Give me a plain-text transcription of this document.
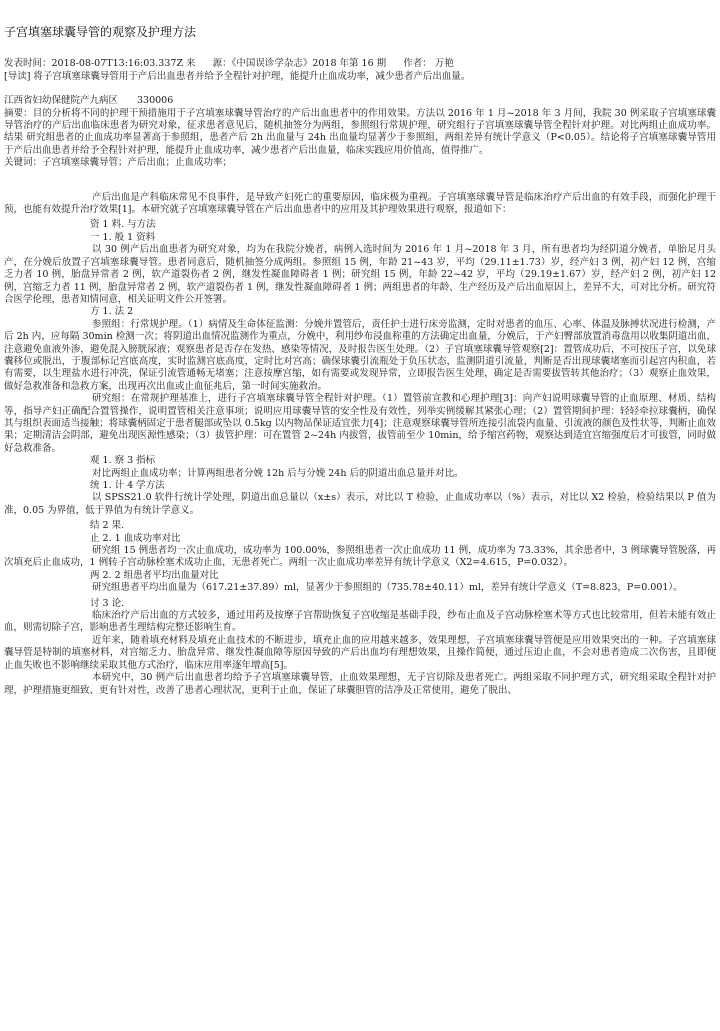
子宫填塞球囊导管的观察及护理方法

发表时间：2018-08-07T13:16:03.337Z 来 源：《中国误诊学杂志》2018 年第 16 期 作者： 万艳

[导读] 将子宫填塞球囊导管用于产后出血患者并给予全程针对护理，能提升止血成功率，减少患者产后出血量。

江西省妇幼保健院产九病区　　330006

摘要：目的分析将不同的护理干预措施用于子宫填塞球囊导管治疗的产后出血患者中的作用效果。方法以 2016 年 1 月~2018 年 3 月间，我院 30 例采取子宫填塞球囊导管治疗的产后出血临床患者为研究对象，征求患者意见后，随机抽签分为两组，参照组行常规护理，研究组行子宫填塞球囊导管全程针对护理。对比两组止血成功率。结果 研究组患者的止血成功率显著高于参照组，患者产后 2h 出血量与 24h 出血量均显著少于参照组，两组差异有统计学意义（P<0.05）。结论将子宫填塞球囊导管用于产后出血患者并给予全程针对护理，能提升止血成功率，减少患者产后出血量，临床实践应用价值高，值得推广。

关键词：子宫填塞球囊导管；产后出血；止血成功率；

产后出血是产科临床常见不良事件，是导致产妇死亡的重要原因，临床极为重视。子宫填塞球囊导管是临床治疗产后出血的有效手段，而强化护理干预，也能有效提升治疗效果[1]。本研究就子宫填塞球囊导管在产后出血患者中的应用及其护理效果进行观察，报道如下：

资 1 料. 与方法

一 1. 般 1 资料

以 30 例产后出血患者为研究对象，均为在我院分娩者，病例入选时间为 2016 年 1 月~2018 年 3 月，所有患者均为经阴道分娩者，单胎足月头产，在分娩后放置子宫填塞球囊导管。患者同意后，随机抽签分成两组。参照组 15 例，年龄 21~43 岁，平均（29.11±1.73）岁，经产妇 3 例，初产妇 12 例，宫缩乏力者 10 例，胎盘异常者 2 例，软产道裂伤者 2 例，继发性凝血障碍者 1 例；研究组 15 例，年龄 22~42 岁，平均（29.19±1.67）岁，经产妇 2 例，初产妇 12 例，宫缩乏力者 11 例，胎盘异常者 2 例，软产道裂伤者 1 例，继发性凝血障碍者 1 例；两组患者的年龄、生产经历及产后出血原因上，差异不大，可对比分析。研究符合医学伦理，患者知情同意，相关证明文件公开签署。

方 1. 法 2

参照组：行常规护理。（1）病情及生命体征监测：分娩并置管后，责任护士进行床旁监测，定时对患者的血压、心率、体温及脉搏状况进行检测，产后 2h 内，应每隔 30min 检测一次；将阴道出血情况监测作为重点，分娩中，利用纱布浸血称重的方法确定出血量，分娩后，于产妇臀部放置消毒盘用以收集阴道出血，注意避免血液外渗，避免混入膀胱尿液；观察患者是否存在发热、感染等情况，及时报告医生处理。（2）子宫填塞球囊导管观察[2]：置管成功后，不可按压子宫，以免球囊移位或脱出，于腹部标记宫底高度，实时监测宫底高度，定时比对宫高；确保球囊引流瓶处于负压状态，监测阴道引流量，判断是否出现球囊堵塞而引起宫内积血，若有需要，以生理盐水进行冲洗，保证引流管通畅无堵塞；注意按摩宫缩，如有需要或发现异常，立即报告医生处理，确定是否需要拔管转其他治疗；（3）观察止血效果，做好急救准备和急救方案，出现再次出血或止血征兆后，第一时间实施救治。

研究组：在常规护理基准上，进行子宫填塞球囊导管全程针对护理。（1）置管前宣教和心理护理[3]：向产妇说明球囊导管的止血原理、材质、结构等，指导产妇正确配合置管操作，说明置管相关注意事项；说明应用球囊导管的安全性及有效性，列举实例缓解其紧张心理；（2）置管期间护理：轻轻牵拉球囊柄，确保其与组织表面适当接触；将球囊柄固定于患者腿部或坠以 0.5kg 以内物品保证适宜张力[4]；注意观察球囊导管所连接引流袋内血量、引流液的颜色及性状等，判断止血效果；定期清洁会阴部，避免出现医源性感染；（3）拔管护理：可在置管 2~24h 内拔管，拔管前至少 10min，给予缩宫药物，观察达到适宜宫缩强度后才可拔管，同时做好急救准备。

观 1. 察 3 指标

对比两组止血成功率；计算两组患者分娩 12h 后与分娩 24h 后的阴道出血总量并对比。

统 1. 计 4 学方法

以 SPSS21.0 软件行统计学处理，阴道出血总量以（x±s）表示，对比以 T 检验，止血成功率以（%）表示，对比以 X2 检验，检验结果以 P 值为准，0.05 为界值，低于界值为有统计学意义。

结 2 果.

止 2. 1 血成功率对比

研究组 15 例患者均一次止血成功，成功率为 100.00%，参照组患者一次止血成功 11 例，成功率为 73.33%，其余患者中，3 例球囊导管脱落，再次填充后止血成功，1 例转子宫动脉栓塞术成功止血，无患者死亡。两组一次止血成功率差异有统计学意义（X2=4.615，P=0.032）。

两 2. 2 组患者平均出血量对比

研究组患者平均出血量为（617.21±37.89）ml，显著少于参照组的（735.78±40.11）ml，差异有统计学意义（T=8.823，P=0.001）。

讨 3 论.

临床治疗产后出血的方式较多，通过用药及按摩子宫帮助恢复子宫收缩是基础手段，纱布止血及子宫动脉栓塞术等方式也比较常用，但若未能有效止血，则需切除子宫，影响患者生理结构完整还影响生育。

近年来，随着填充材料及填充止血技术的不断进步，填充止血的应用越来越多，效果理想，子宫填塞球囊导管便是应用效果突出的一种。子宫填塞球囊导管是特制的填塞材料，对宫缩乏力、胎盘异常、继发性凝血障等原因导致的产后出血均有理想效果，且操作简便，通过压迫止血，不会对患者造成二次伤害，且即便止血失败也不影响继续采取其他方式治疗，临床应用率逐年增高[5]。

本研究中，30 例产后出血患者均给予子宫填塞球囊导管，止血效果理想，无子宫切除及患者死亡。两组采取不同护理方式，研究组采取全程针对护理，护理措施更细致、更有针对性，改善了患者心理状况，更利于止血，保证了球囊胆管的洁净及正常使用，避免了脱出、
